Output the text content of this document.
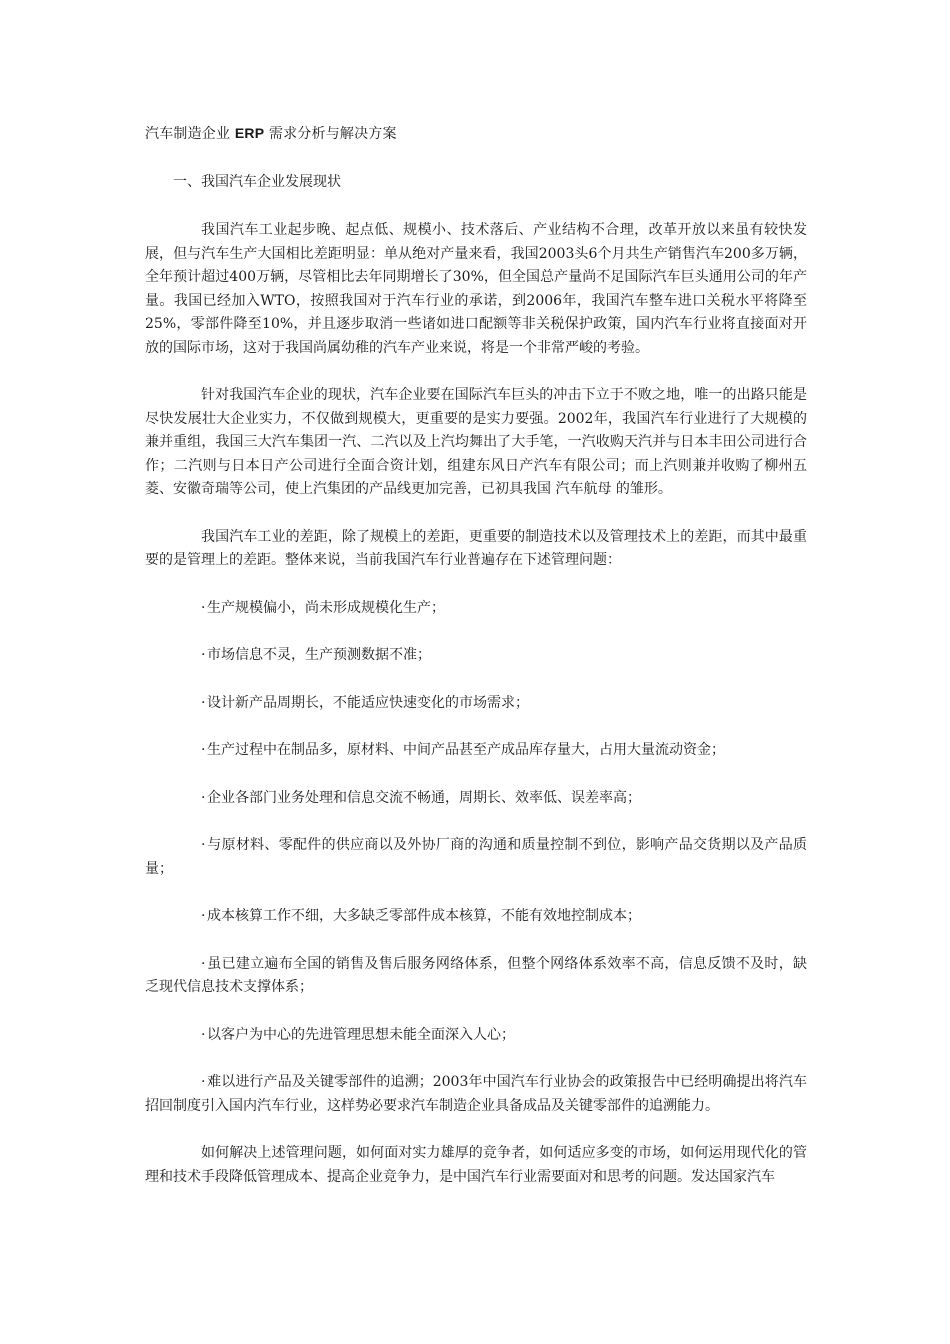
汽车制造企业 ERP 需求分析与解决方案
一、我国汽车企业发展现状

我国汽车工业起步晚、起点低、规模小、技术落后、产业结构不合理，改革开放以来虽有较快发展，但与汽车生产大国相比差距明显：单从绝对产量来看，我国2003头6个月共生产销售汽车200多万辆，全年预计超过400万辆，尽管相比去年同期增长了30%，但全国总产量尚不足国际汽车巨头通用公司的年产量。我国已经加入WTO，按照我国对于汽车行业的承诺，到2006年，我国汽车整车进口关税水平将降至25%，零部件降至10%，并且逐步取消一些诸如进口配额等非关税保护政策，国内汽车行业将直接面对开放的国际市场，这对于我国尚属幼稚的汽车产业来说，将是一个非常严峻的考验。

针对我国汽车企业的现状，汽车企业要在国际汽车巨头的冲击下立于不败之地，唯一的出路只能是尽快发展壮大企业实力，不仅做到规模大，更重要的是实力要强。2002年，我国汽车行业进行了大规模的兼并重组，我国三大汽车集团一汽、二汽以及上汽均舞出了大手笔，一汽收购天汽并与日本丰田公司进行合作；二汽则与日本日产公司进行全面合资计划，组建东风日产汽车有限公司；而上汽则兼并收购了柳州五菱、安徽奇瑞等公司，使上汽集团的产品线更加完善，已初具我国 汽车航母 的雏形。

我国汽车工业的差距，除了规模上的差距，更重要的制造技术以及管理技术上的差距，而其中最重要的是管理上的差距。整体来说，当前我国汽车行业普遍存在下述管理问题：

· 生产规模偏小，尚未形成规模化生产；

· 市场信息不灵，生产预测数据不准；

· 设计新产品周期长，不能适应快速变化的市场需求；

· 生产过程中在制品多，原材料、中间产品甚至产成品库存量大，占用大量流动资金；

· 企业各部门业务处理和信息交流不畅通，周期长、效率低、误差率高；

· 与原材料、零配件的供应商以及外协厂商的沟通和质量控制不到位，影响产品交货期以及产品质量；

· 成本核算工作不细，大多缺乏零部件成本核算，不能有效地控制成本；

· 虽已建立遍布全国的销售及售后服务网络体系，但整个网络体系效率不高，信息反馈不及时，缺乏现代信息技术支撑体系；

· 以客户为中心的先进管理思想未能全面深入人心；

· 难以进行产品及关键零部件的追溯；2003年中国汽车行业协会的政策报告中已经明确提出将汽车招回制度引入国内汽车行业，这样势必要求汽车制造企业具备成品及关键零部件的追溯能力。

如何解决上述管理问题，如何面对实力雄厚的竞争者，如何适应多变的市场，如何运用现代化的管理和技术手段降低管理成本、提高企业竞争力，是中国汽车行业需要面对和思考的问题。发达国家汽车
